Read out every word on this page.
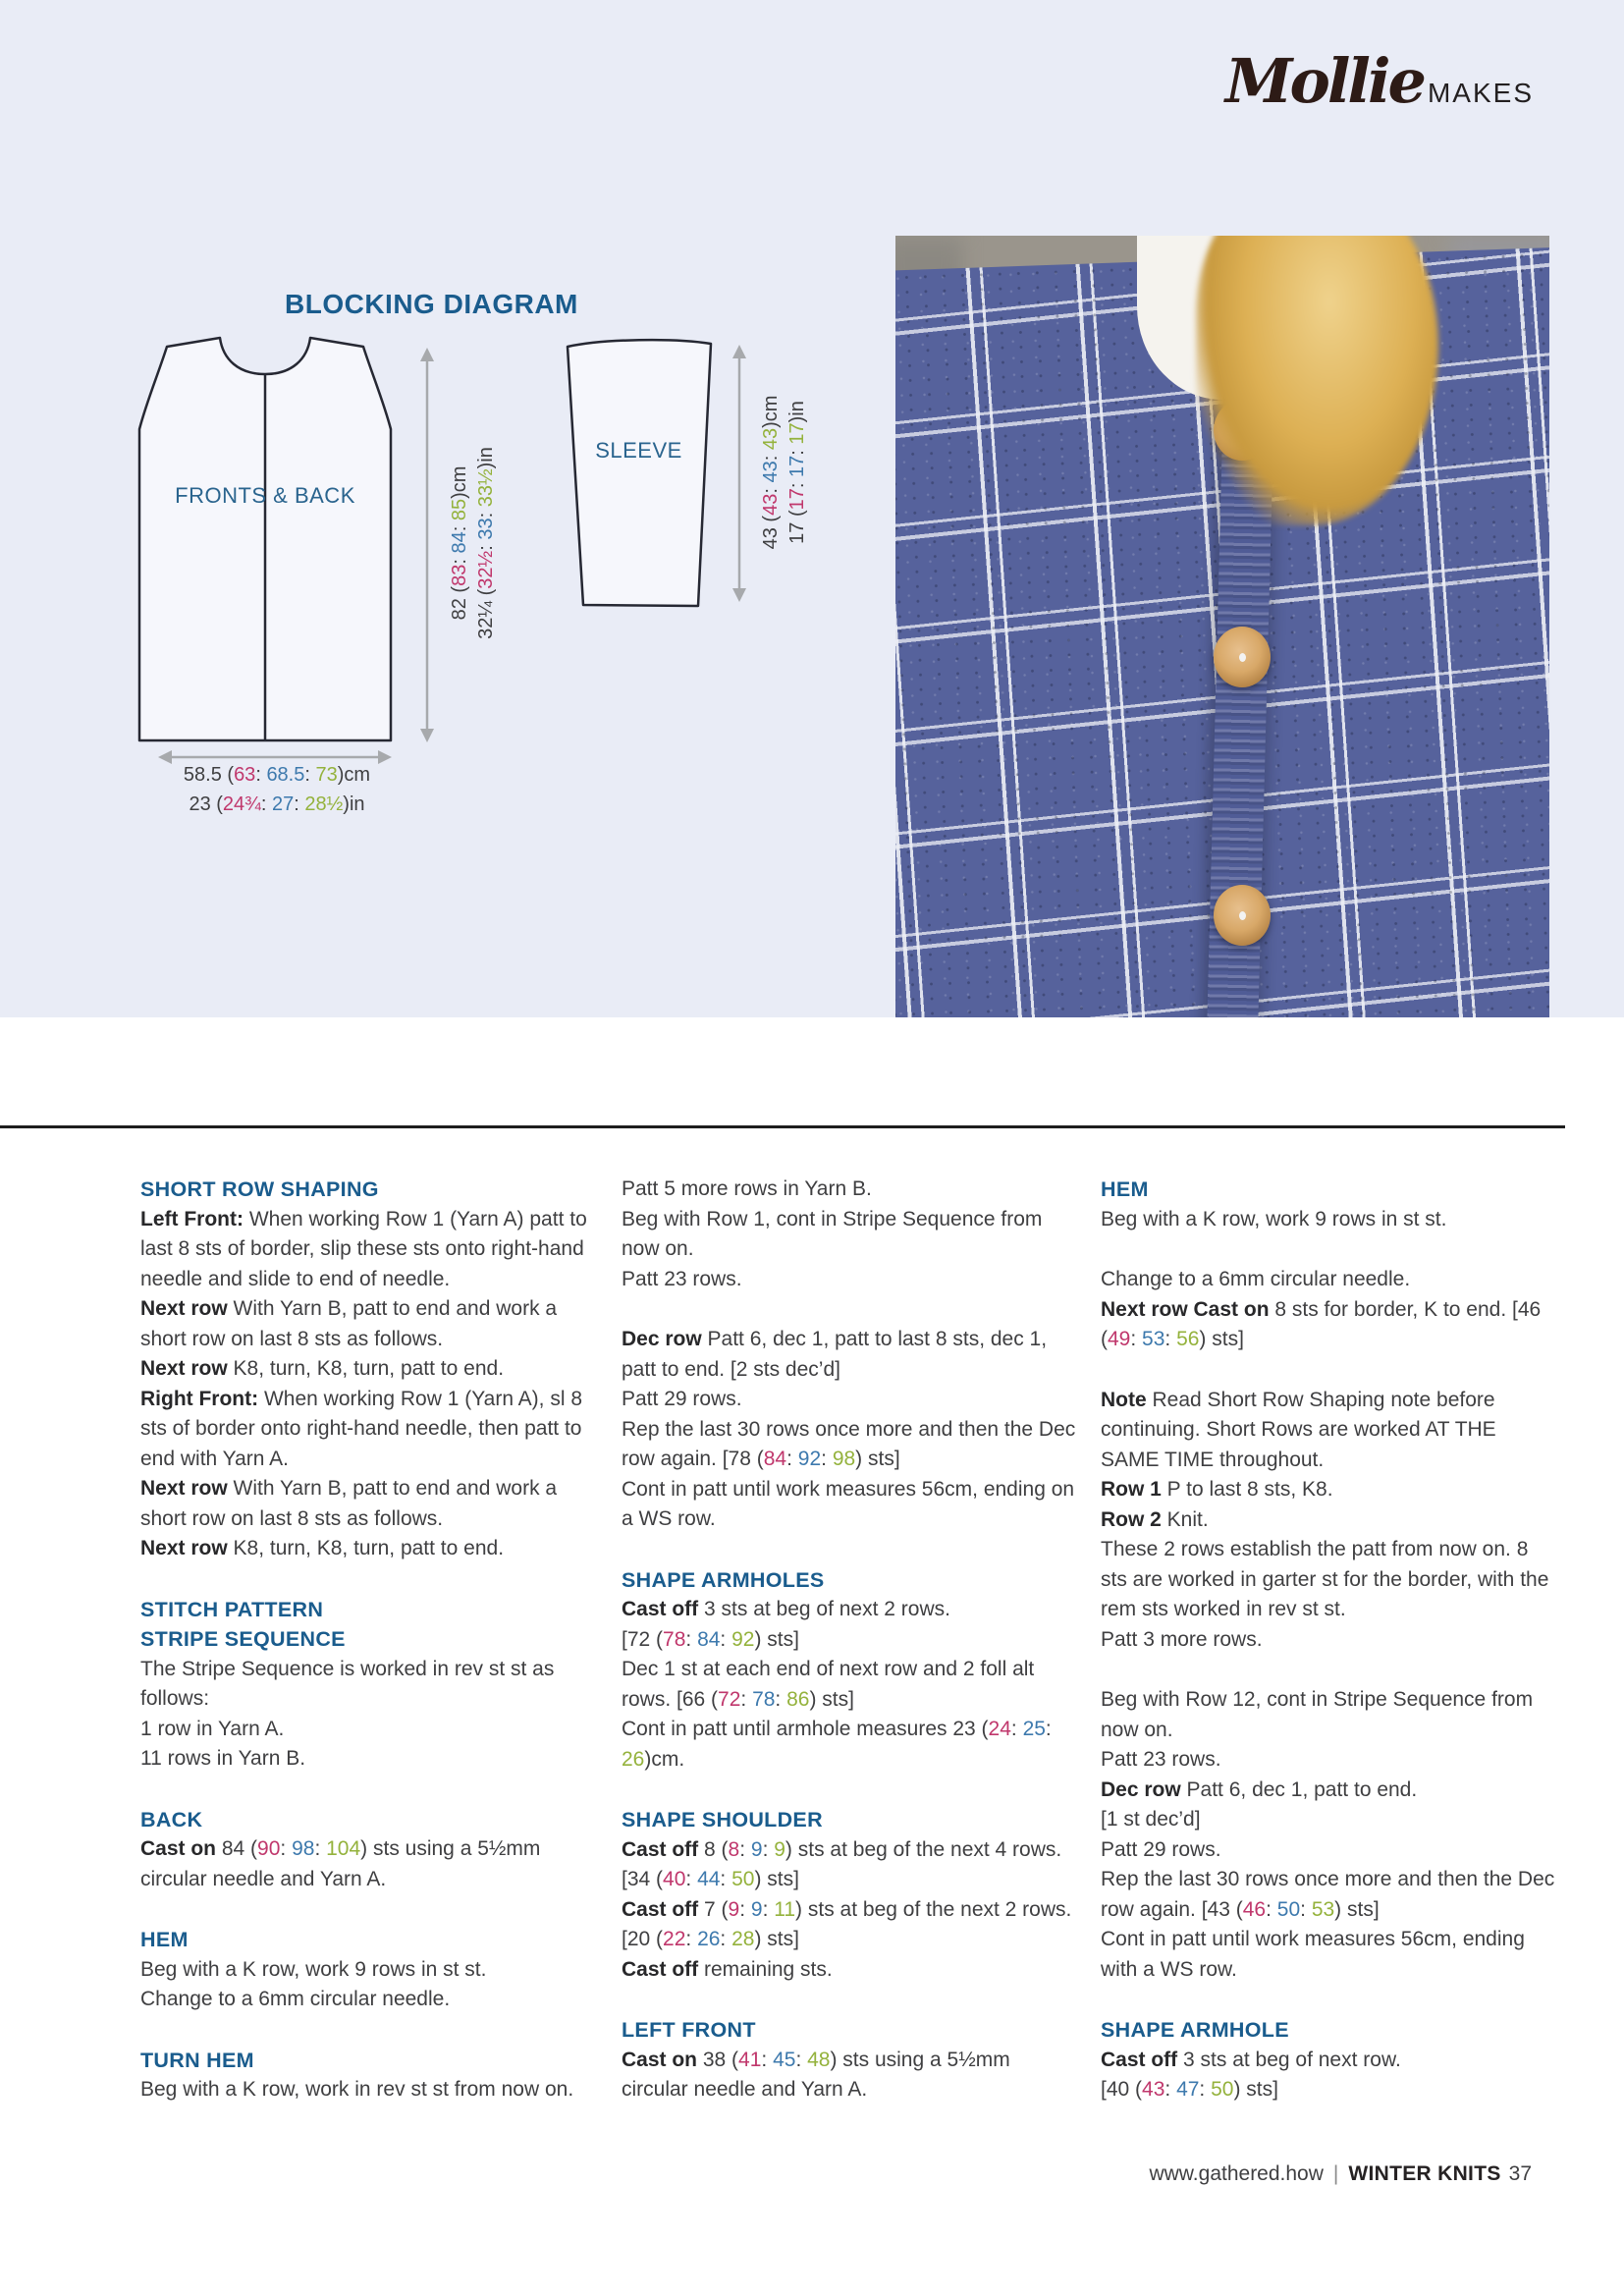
Mollie MAKES
BLOCKING DIAGRAM
FRONTS & BACK
SLEEVE
82 (83: 84: 85)cm
32¼ (32½: 33: 33½)in
43 (43: 43: 43)cm
17 (17: 17: 17)in
58.5 (63: 68.5: 73)cm
23 (24¾: 27: 28½)in
SHORT ROW SHAPING

Left Front: When working Row 1 (Yarn A) patt to last 8 sts of border, slip these sts onto right-hand needle and slide to end of needle.

Next row With Yarn B, patt to end and work a short row on last 8 sts as follows.

Next row K8, turn, K8, turn, patt to end.

Right Front: When working Row 1 (Yarn A), sl 8 sts of border onto right-hand needle, then patt to end with Yarn A.

Next row With Yarn B, patt to end and work a short row on last 8 sts as follows.

Next row K8, turn, K8, turn, patt to end.

STITCH PATTERN
STRIPE SEQUENCE

The Stripe Sequence is worked in rev st st as follows:

1 row in Yarn A.

11 rows in Yarn B.

BACK

Cast on 84 (90: 98: 104) sts using a 5½mm circular needle and Yarn A.

HEM

Beg with a K row, work 9 rows in st st.

Change to a 6mm circular needle.

TURN HEM

Beg with a K row, work in rev st st from now on.

Patt 5 more rows in Yarn B.

Beg with Row 1, cont in Stripe Sequence from now on.

Patt 23 rows.

Dec row Patt 6, dec 1, patt to last 8 sts, dec 1, patt to end. [2 sts dec’d]

Patt 29 rows.

Rep the last 30 rows once more and then the Dec row again. [78 (84: 92: 98) sts]

Cont in patt until work measures 56cm, ending on a WS row.

SHAPE ARMHOLES

Cast off 3 sts at beg of next 2 rows.

[72 (78: 84: 92) sts]

Dec 1 st at each end of next row and 2 foll alt rows. [66 (72: 78: 86) sts]

Cont in patt until armhole measures 23 (24: 25: 26)cm.

SHAPE SHOULDER

Cast off 8 (8: 9: 9) sts at beg of the next 4 rows. [34 (40: 44: 50) sts]

Cast off 7 (9: 9: 11) sts at beg of the next 2 rows. [20 (22: 26: 28) sts]

Cast off remaining sts.

LEFT FRONT

Cast on 38 (41: 45: 48) sts using a 5½mm circular needle and Yarn A.

HEM

Beg with a K row, work 9 rows in st st.

Change to a 6mm circular needle.

Next row Cast on 8 sts for border, K to end. [46 (49: 53: 56) sts]

Note Read Short Row Shaping note before continuing. Short Rows are worked AT THE SAME TIME throughout.

Row 1 P to last 8 sts, K8.

Row 2 Knit.

These 2 rows establish the patt from now on. 8 sts are worked in garter st for the border, with the rem sts worked in rev st st.

Patt 3 more rows.

Beg with Row 12, cont in Stripe Sequence from now on.

Patt 23 rows.

Dec row Patt 6, dec 1, patt to end.

[1 st dec’d]

Patt 29 rows.

Rep the last 30 rows once more and then the Dec row again. [43 (46: 50: 53) sts]

Cont in patt until work measures 56cm, ending with a WS row.

SHAPE ARMHOLE

Cast off 3 sts at beg of next row.

[40 (43: 47: 50) sts]

www.gathered.how | WINTER KNITS 37
